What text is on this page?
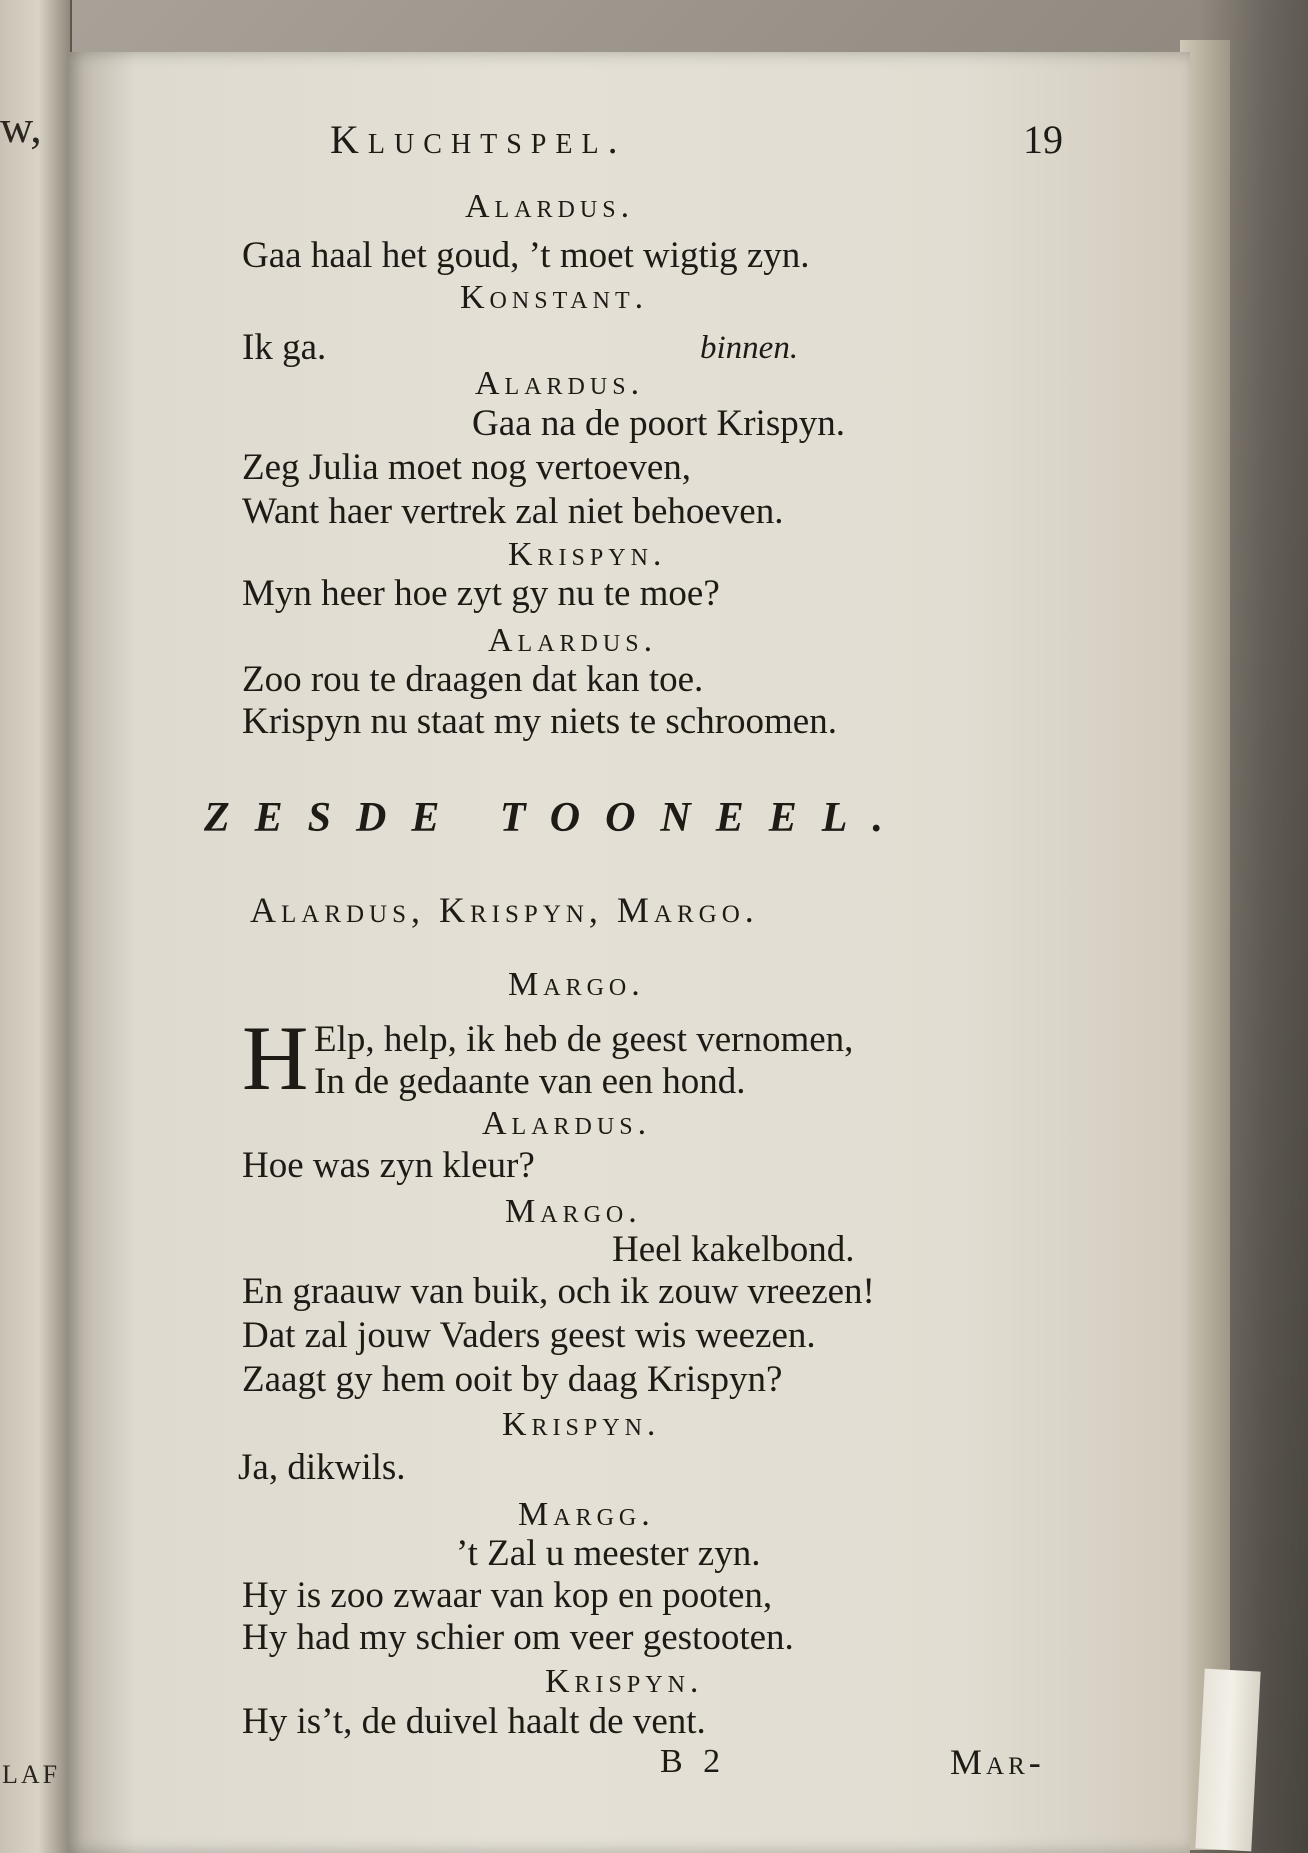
w,
LAF
Kluchtspel.	19
Alardus.
Gaa haal het goud, ’t moet wigtig zyn.
Konstant.
Ik ga.	binnen.
Alardus.
Gaa na de poort Krispyn.
Zeg Julia moet nog vertoeven,
Want haer vertrek zal niet behoeven.
Krispyn.
Myn heer hoe zyt gy nu te moe?
Alardus.
Zoo rou te draagen dat kan toe.
Krispyn nu staat my niets te schroomen.
ZESDE TOONEEL.
Alardus, Krispyn, Margo.
Margo.
H Elp, help, ik heb de geest vernomen,
In de gedaante van een hond.
Alardus.
Hoe was zyn kleur?
Margo.
Heel kakelbond.
En graauw van buik, och ik zouw vreezen!
Dat zal jouw Vaders geest wis weezen.
Zaagt gy hem ooit by daag Krispyn?
Krispyn.
Ja, dikwils.
Margg.
’t Zal u meester zyn.
Hy is zoo zwaar van kop en pooten,
Hy had my schier om veer gestooten.
Krispyn.
Hy is’t, de duivel haalt de vent.
B 2	Mar-
